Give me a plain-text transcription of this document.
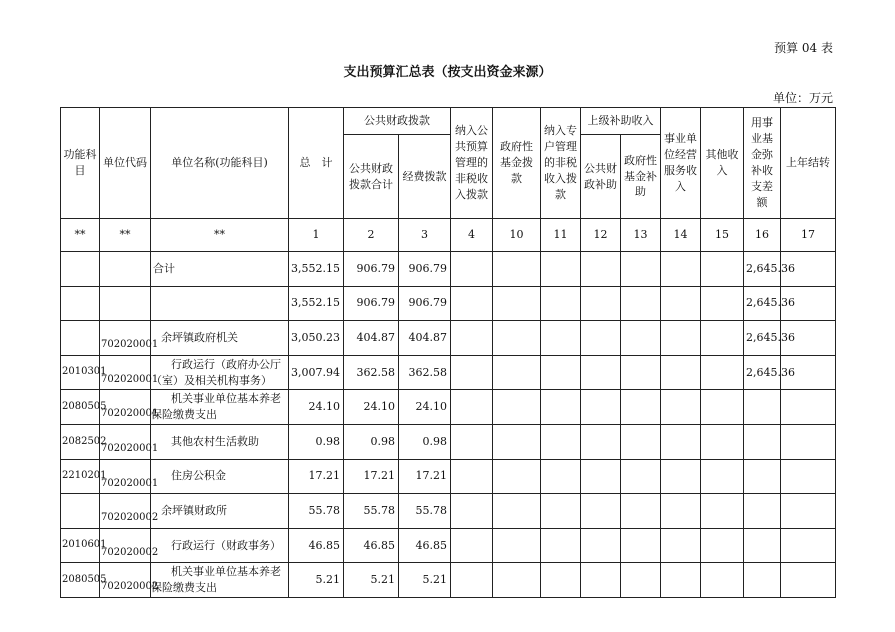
预算 04 表
支出预算汇总表（按支出资金来源）
单位：万元
功能科目	单位代码	单位名称(功能科目)	总　计	公共财政拨款		纳入公共预算管理的非税收入拨款	政府性基金拨款	纳入专户管理的非税收入拨款	上级补助收入		事业单位经营服务收入	其他收入	用事业基金弥补收支差额	上年结转	
				公共财政拨款合计	经费拨款				公共财政补助	政府性基金补助					
**	**	**	1	2	3	4	10	11	12	13	14	15	16	17	
		合计	3,552.15	906.79	906.79								2,645.36		
			3,552.15	906.79	906.79								2,645.36		
	702020001	余坪镇政府机关	3,050.23	404.87	404.87								2,645.36		
2010301	702020001	行政运行（政府办公厅
（室）及相关机构事务）	3,007.94	362.58	362.58								2,645.36		
2080505	702020001	机关事业单位基本养老
保险缴费支出	24.10	24.10	24.10										
2082502	702020001	其他农村生活救助	0.98	0.98	0.98										
2210201	702020001	住房公积金	17.21	17.21	17.21										
	702020002	余坪镇财政所	55.78	55.78	55.78										
2010601	702020002	行政运行（财政事务）	46.85	46.85	46.85										
2080505	702020002	机关事业单位基本养老
保险缴费支出	5.21	5.21	5.21										
